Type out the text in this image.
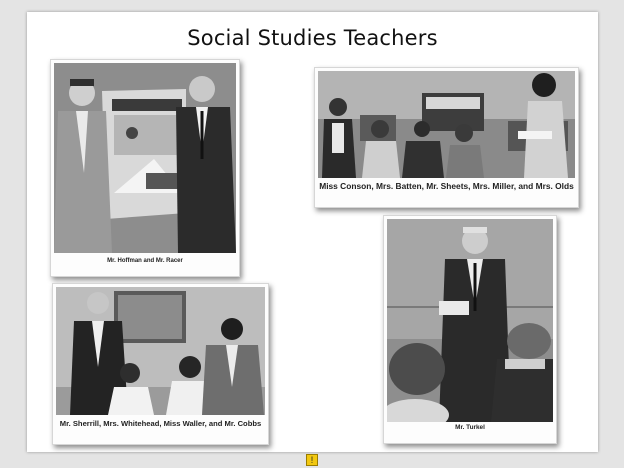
Social Studies Teachers
Mr. Hoffman and Mr. Racer
Miss Conson, Mrs. Batten, Mr. Sheets, Mrs. Miller, and Mrs. Olds
Mr. Sherrill, Mrs. Whitehead, Miss Waller, and Mr. Cobbs	Mr. Turkel
!
